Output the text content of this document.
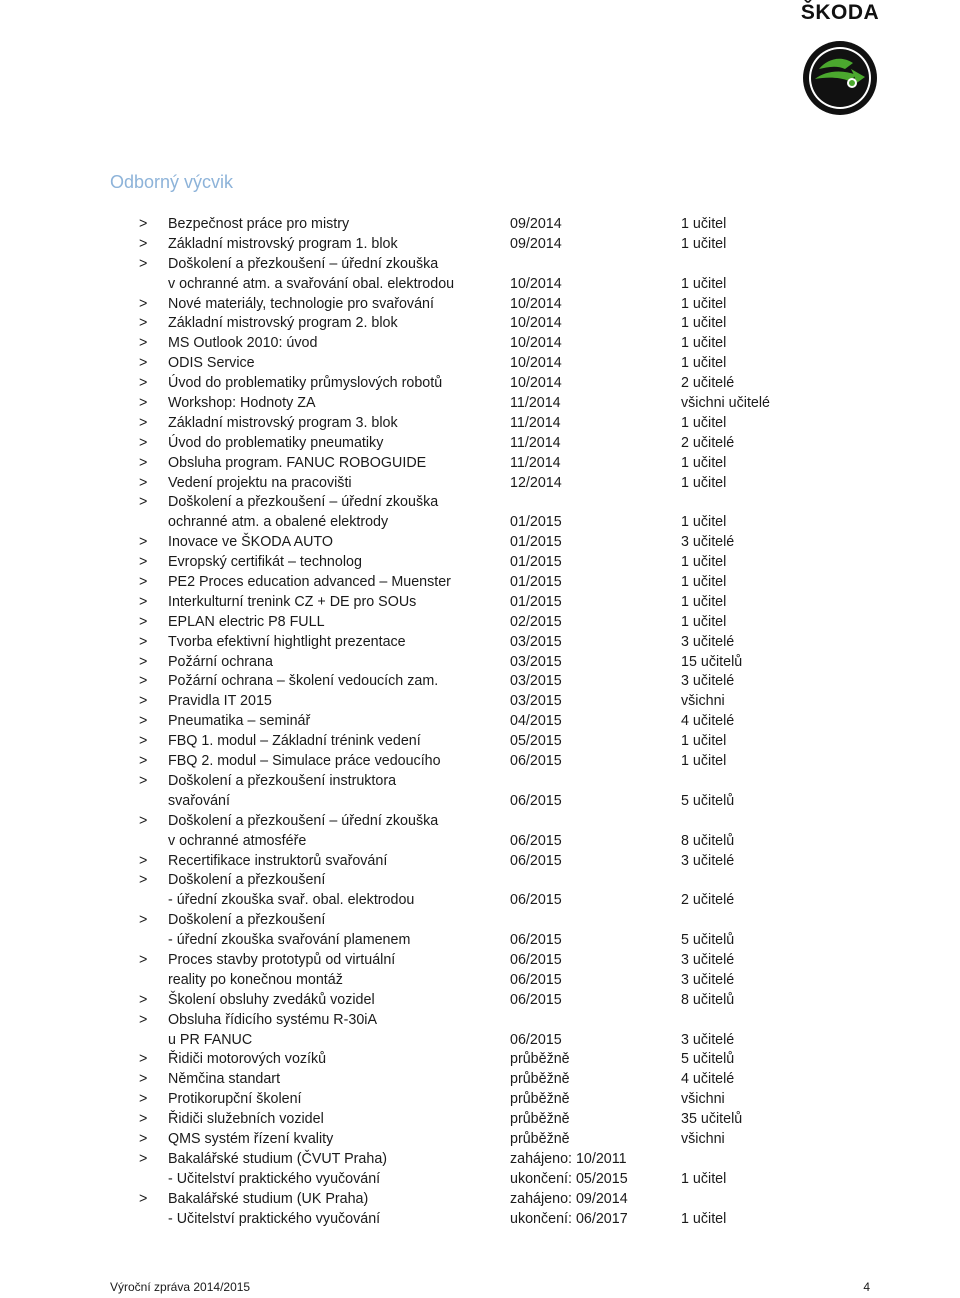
ŠKODA
Odborný výcvik
> Bezpečnost práce pro mistry	09/2014	1 učitel
> Základní mistrovský program 1. blok	09/2014	1 učitel
> Doškolení a přezkoušení – úřední zkouška
v ochranné atm. a svařování obal. elektrodou	10/2014	1 učitel
> Nové materiály, technologie pro svařování	10/2014	1 učitel
> Základní mistrovský program 2. blok	10/2014	1 učitel
> MS Outlook 2010: úvod	10/2014	1 učitel
> ODIS Service	10/2014	1 učitel
> Úvod do problematiky průmyslových robotů	10/2014	2 učitelé
> Workshop: Hodnoty ZA	11/2014	všichni učitelé
> Základní mistrovský program 3. blok	11/2014	1 učitel
> Úvod do problematiky pneumatiky	11/2014	2 učitelé
> Obsluha program. FANUC ROBOGUIDE	11/2014	1 učitel
> Vedení projektu na pracovišti	12/2014	1 učitel
> Doškolení a přezkoušení – úřední zkouška
ochranné atm. a obalené elektrody	01/2015	1 učitel
> Inovace ve ŠKODA AUTO	01/2015	3 učitelé
> Evropský certifikát – technolog	01/2015	1 učitel
> PE2 Proces education advanced – Muenster	01/2015	1 učitel
> Interkulturní trenink CZ + DE pro SOUs	01/2015	1 učitel
> EPLAN electric P8 FULL	02/2015	1 učitel
> Tvorba efektivní hightlight prezentace	03/2015	3 učitelé
> Požární ochrana	03/2015	15 učitelů
> Požární ochrana – školení vedoucích zam.	03/2015	3 učitelé
> Pravidla IT 2015	03/2015	všichni
> Pneumatika – seminář	04/2015	4 učitelé
> FBQ 1. modul – Základní trénink vedení	05/2015	1 učitel
> FBQ 2. modul – Simulace práce vedoucího	06/2015	1 učitel
> Doškolení a přezkoušení instruktora
svařování	06/2015	5 učitelů
> Doškolení a přezkoušení – úřední zkouška
v ochranné atmosféře	06/2015	8 učitelů
> Recertifikace instruktorů svařování	06/2015	3 učitelé
> Doškolení a přezkoušení
- úřední zkouška svař. obal. elektrodou	06/2015	2 učitelé
> Doškolení a přezkoušení
- úřední zkouška svařování plamenem	06/2015	5 učitelů
> Proces stavby prototypů od virtuální	06/2015	3 učitelé
reality po konečnou montáž	06/2015	3 učitelé
> Školení obsluhy zvedáků vozidel	06/2015	8 učitelů
> Obsluha řídicího systému R-30iA
u PR FANUC	06/2015	3 učitelé
> Řidiči motorových vozíků	průběžně	5 učitelů
> Němčina standart	průběžně	4 učitelé
> Protikorupční školení	průběžně	všichni
> Řidiči služebních vozidel	průběžně	35 učitelů
> QMS systém řízení kvality	průběžně	všichni
> Bakalářské studium (ČVUT Praha)	zahájeno: 10/2011
- Učitelství praktického vyučování	ukončení: 05/2015	1 učitel
> Bakalářské studium (UK Praha)	zahájeno: 09/2014
- Učitelství praktického vyučování	ukončení: 06/2017	1 učitel
Výroční zpráva 2014/2015	4
